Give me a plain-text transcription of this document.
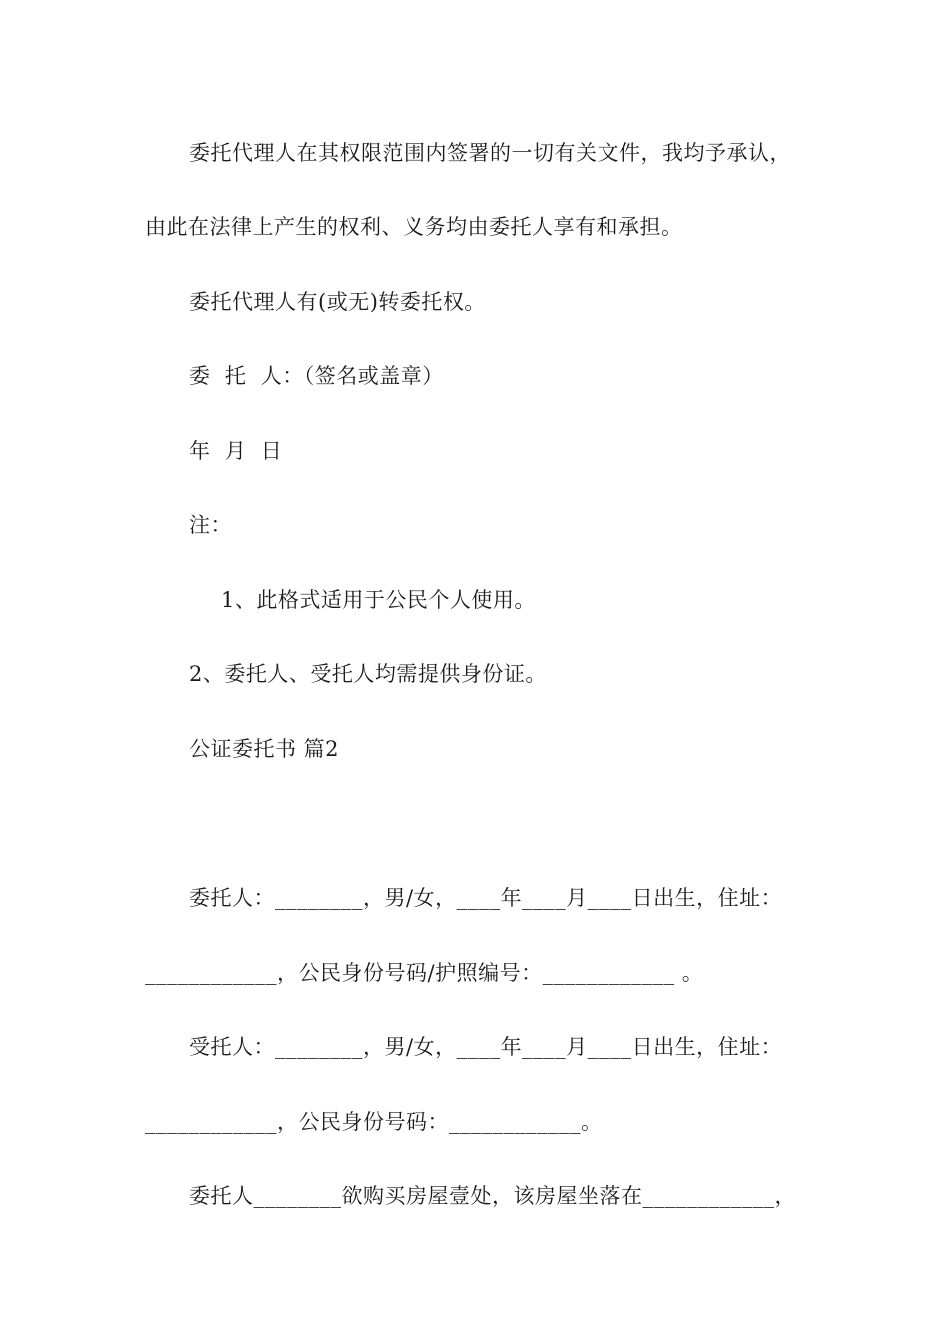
委托代理人在其权限范围内签署的一切有关文件，我均予承认，
由此在法律上产生的权利、义务均由委托人享有和承担。
委托代理人有(或无)转委托权。
委  托  人：（签名或盖章）
年  月  日
注：
1、此格式适用于公民个人使用。
2、委托人、受托人均需提供身份证。
公证委托书 篇2
委托人：________，男/女，____年____月____日出生，住址：
____________，公民身份号码/护照编号：____________ 。
受托人：________，男/女，____年____月____日出生，住址：
____________，公民身份号码：____________。
委托人________欲购买房屋壹处，该房屋坐落在____________，
